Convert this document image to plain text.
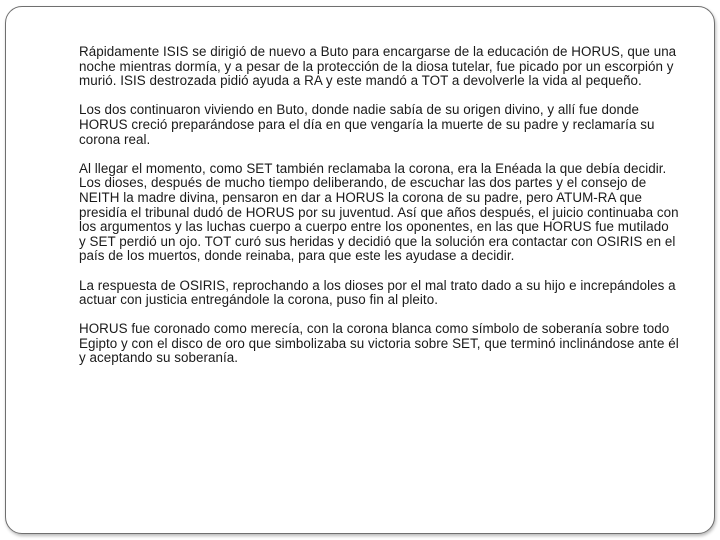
Rápidamente ISIS se dirigió de nuevo a Buto para encargarse de la educación de HORUS, que una noche mientras dormía, y a pesar de la protección de la diosa tutelar, fue picado por un escorpión y murió. ISIS destrozada pidió ayuda a RA y este mandó a TOT a devolverle la vida al pequeño.

Los dos continuaron viviendo en Buto, donde nadie sabía de su origen divino, y allí fue donde HORUS creció preparándose para el día en que vengaría la muerte de su padre y reclamaría su corona real.

Al llegar el momento, como SET también reclamaba la corona, era la Enéada la que debía decidir. Los dioses, después de mucho tiempo deliberando, de escuchar las dos partes y el consejo de NEITH la madre divina, pensaron en dar a HORUS la corona de su padre, pero ATUM-RA que presidía el tribunal dudó de HORUS por su juventud. Así que años después, el juicio continuaba con los argumentos y las luchas cuerpo a cuerpo entre los oponentes, en las que HORUS fue mutilado y SET perdió un ojo. TOT curó sus heridas y decidió que la solución era contactar con OSIRIS en el país de los muertos, donde reinaba, para que este les ayudase a decidir.

La respuesta de OSIRIS, reprochando a los dioses por el mal trato dado a su hijo e increpándoles a actuar con justicia entregándole la corona, puso fin al pleito.

HORUS fue coronado como merecía, con la corona blanca como símbolo de soberanía sobre todo Egipto y con el disco de oro que simbolizaba su victoria sobre SET, que terminó inclinándose ante él y aceptando su soberanía.
